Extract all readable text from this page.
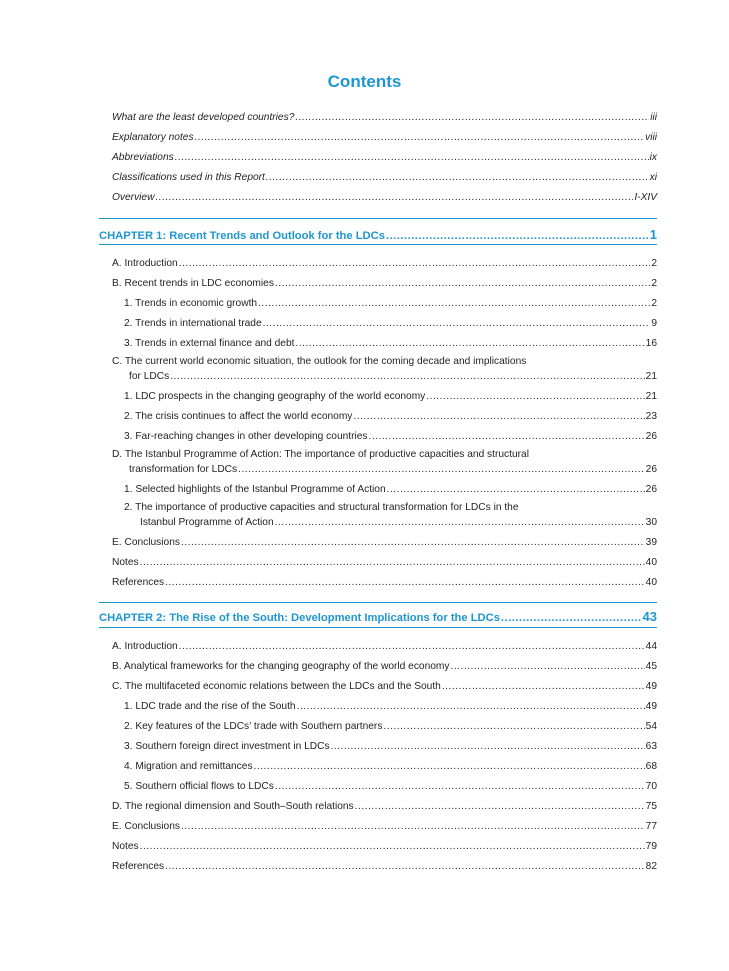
Contents
What are the least developed countries? .....	iii
Explanatory notes .....	viii
Abbreviations .....	ix
Classifications used in this Report .....	xi
Overview .....	I-XIV
CHAPTER 1: Recent Trends and Outlook for the LDCs .....	1
A. Introduction .....	2
B. Recent trends in LDC economies .....	2
1. Trends in economic growth .....	2
2. Trends in international trade .....	9
3. Trends in external finance and debt .....	16
C. The current world economic situation, the outlook for the coming decade and implications
for LDCs .....	21
1. LDC prospects in the changing geography of the world economy .....	21
2. The crisis continues to affect the world economy .....	23
3. Far-reaching changes in other developing countries .....	26
D. The Istanbul Programme of Action: The importance of productive capacities and structural
transformation for LDCs .....	26
1. Selected highlights of the Istanbul Programme of Action .....	26
2. The importance of productive capacities and structural transformation for LDCs in the
Istanbul Programme of Action .....	30
E. Conclusions .....	39
Notes .....	40
References .....	40
CHAPTER 2: The Rise of the South: Development Implications for the LDCs .....	43
A. Introduction .....	44
B. Analytical frameworks for the changing geography of the world economy .....	45
C. The multifaceted economic relations between the LDCs and the South .....	49
1. LDC trade and the rise of the South .....	49
2. Key features of the LDCs’ trade with Southern partners .....	54
3. Southern foreign direct investment in LDCs .....	63
4. Migration and remittances .....	68
5. Southern official flows to LDCs .....	70
D. The regional dimension and South–South relations .....	75
E. Conclusions .....	77
Notes .....	79
References .....	82
